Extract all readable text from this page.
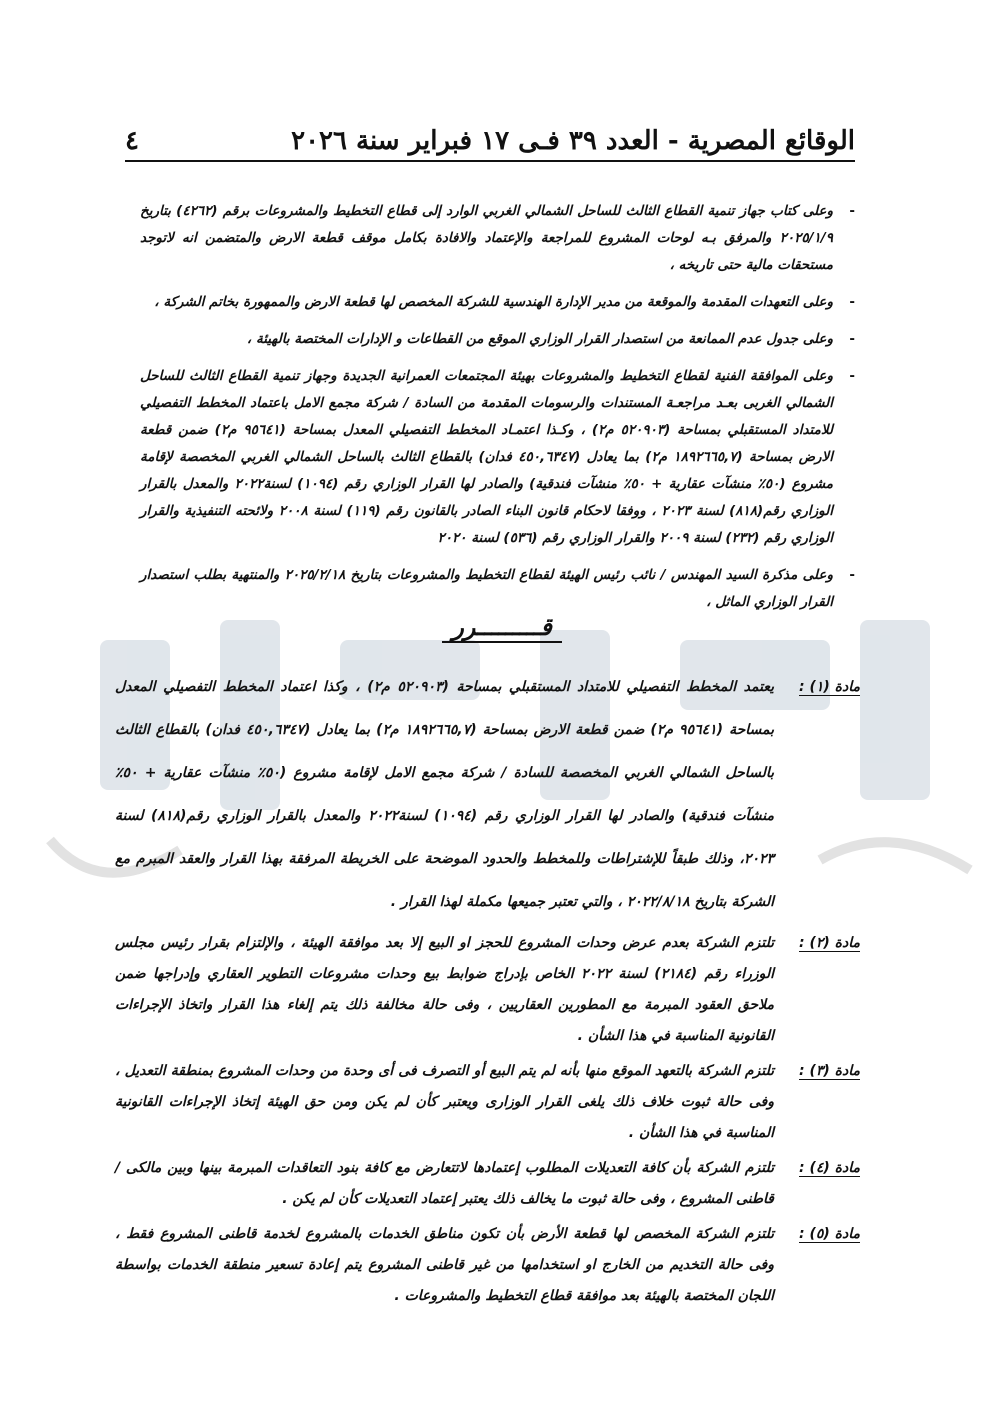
الوقائع المصرية - العدد ٣٩ فـى ١٧ فبراير سنة ٢٠٢٦
٤

-
وعلى كتاب جهاز تنمية القطاع الثالث للساحل الشمالي الغربي الوارد إلى قطاع التخطيط والمشروعات برقم (٤٢٦٢) بتاريخ ٢٠٢٥/١/٩ والمرفق بـه لوحات المشروع للمراجعة والإعتماد والافادة بكامل موقف قطعة الارض والمتضمن انه لاتوجد مستحقات مالية حتى تاريخه ،

-
وعلى التعهدات المقدمة والموقعة من مدير الإدارة الهندسية للشركة المخصص لها قطعة الارض والممهورة بخاتم الشركة ،

-
وعلى جدول عدم الممانعة من استصدار القرار الوزاري الموقع من القطاعات و الإدارات المختصة بالهيئة ،

-
وعلى الموافقة الفنية لقطاع التخطيط والمشروعات بهيئة المجتمعات العمرانية الجديدة وجهاز تنمية القطاع الثالث للساحل الشمالي الغربى بعـد مراجعـة المستندات والرسومات المقدمة من السادة / شركة مجمع الامل باعتماد المخطط التفصيلي للامتداد المستقبلي بمساحة (٥٢٠٩٠٣ م٢) ، وكـذا اعتمـاد المخطط التفصيلي المعدل بمساحة (٩٥٦٤١ م٢) ضمن قطعة الارض بمساحة (١٨٩٢٦٦٥,٧ م٢) بما يعادل (٤٥٠,٦٣٤٧ فدان) بالقطاع الثالث بالساحل الشمالي الغربي المخصصة لإقامة مشروع (٥٠٪ منشآت عقارية + ٥٠٪ منشآت فندقية) والصادر لها القرار الوزاري رقم (١٠٩٤) لسنة٢٠٢٢ والمعدل بالقرار الوزاري رقم(٨١٨) لسنة ٢٠٢٣ ، ووفقا لاحكام قانون البناء الصادر بالقانون رقم (١١٩) لسنة ٢٠٠٨ ولائحته التنفيذية والقرار الوزاري رقم (٢٣٢) لسنة ٢٠٠٩ والقرار الوزاري رقم (٥٣٦) لسنة ٢٠٢٠

-
وعلى مذكرة السيد المهندس / نائب رئيس الهيئة لقطاع التخطيط والمشروعات بتاريخ ٢٠٢٥/٢/١٨ والمنتهية بطلب استصدار القرار الوزاري الماثل ،

قـــــــــرر
مادة (١) :
يعتمد المخطط التفصيلي للامتداد المستقبلي بمساحة (٥٢٠٩٠٣ م٢) ، وكذا اعتماد المخطط التفصيلي المعدل بمساحة (٩٥٦٤١ م٢) ضمن قطعة الارض بمساحة (١٨٩٢٦٦٥,٧ م٢) بما يعادل (٤٥٠,٦٣٤٧ فدان) بالقطاع الثالث بالساحل الشمالي الغربي المخصصة للسادة / شركة مجمع الامل لإقامة مشروع (٥٠٪ منشآت عقارية + ٥٠٪ منشآت فندقية) والصادر لها القرار الوزاري رقم (١٠٩٤) لسنة٢٠٢٢ والمعدل بالقرار الوزاري رقم(٨١٨) لسنة ٢٠٢٣، وذلك طبقاً للإشتراطات وللمخطط والحدود الموضحة على الخريطة المرفقة بهذا القرار والعقد المبرم مع الشركة بتاريخ ٢٠٢٢/٨/١٨ ، والتي تعتبر جميعها مكملة لهذا القرار .
مادة (٢) :
تلتزم الشركة بعدم عرض وحدات المشروع للحجز او البيع إلا بعد موافقة الهيئة ، والإلتزام بقرار رئيس مجلس الوزراء رقم (٢١٨٤) لسنة ٢٠٢٢ الخاص بإدراج ضوابط بيع وحدات مشروعات التطوير العقاري وإدراجها ضمن ملاحق العقود المبرمة مع المطورين العقاريين ، وفى حالة مخالفة ذلك يتم إلغاء هذا القرار واتخاذ الإجراءات القانونية المناسبة في هذا الشأن .
مادة (٣) :
تلتزم الشركة بالتعهد الموقع منها بأنه لم يتم البيع أو التصرف فى أى وحدة من وحدات المشروع بمنطقة التعديل ، وفى حالة ثبوت خلاف ذلك يلغى القرار الوزارى ويعتبر كأن لم يكن ومن حق الهيئة إتخاذ الإجراءات القانونية المناسبة في هذا الشأن .
مادة (٤) :
تلتزم الشركة بأن كافة التعديلات المطلوب إعتمادها لاتتعارض مع كافة بنود التعاقدات المبرمة بينها وبين مالكى / قاطنى المشروع ، وفى حالة ثبوت ما يخالف ذلك يعتبر إعتماد التعديلات كأن لم يكن .
مادة (٥) :
تلتزم الشركة المخصص لها قطعة الأرض بأن تكون مناطق الخدمات بالمشروع لخدمة قاطنى المشروع فقط ، وفى حالة التخديم من الخارج او استخدامها من غير قاطنى المشروع يتم إعادة تسعير منطقة الخدمات بواسطة اللجان المختصة بالهيئة بعد موافقة قطاع التخطيط والمشروعات .
